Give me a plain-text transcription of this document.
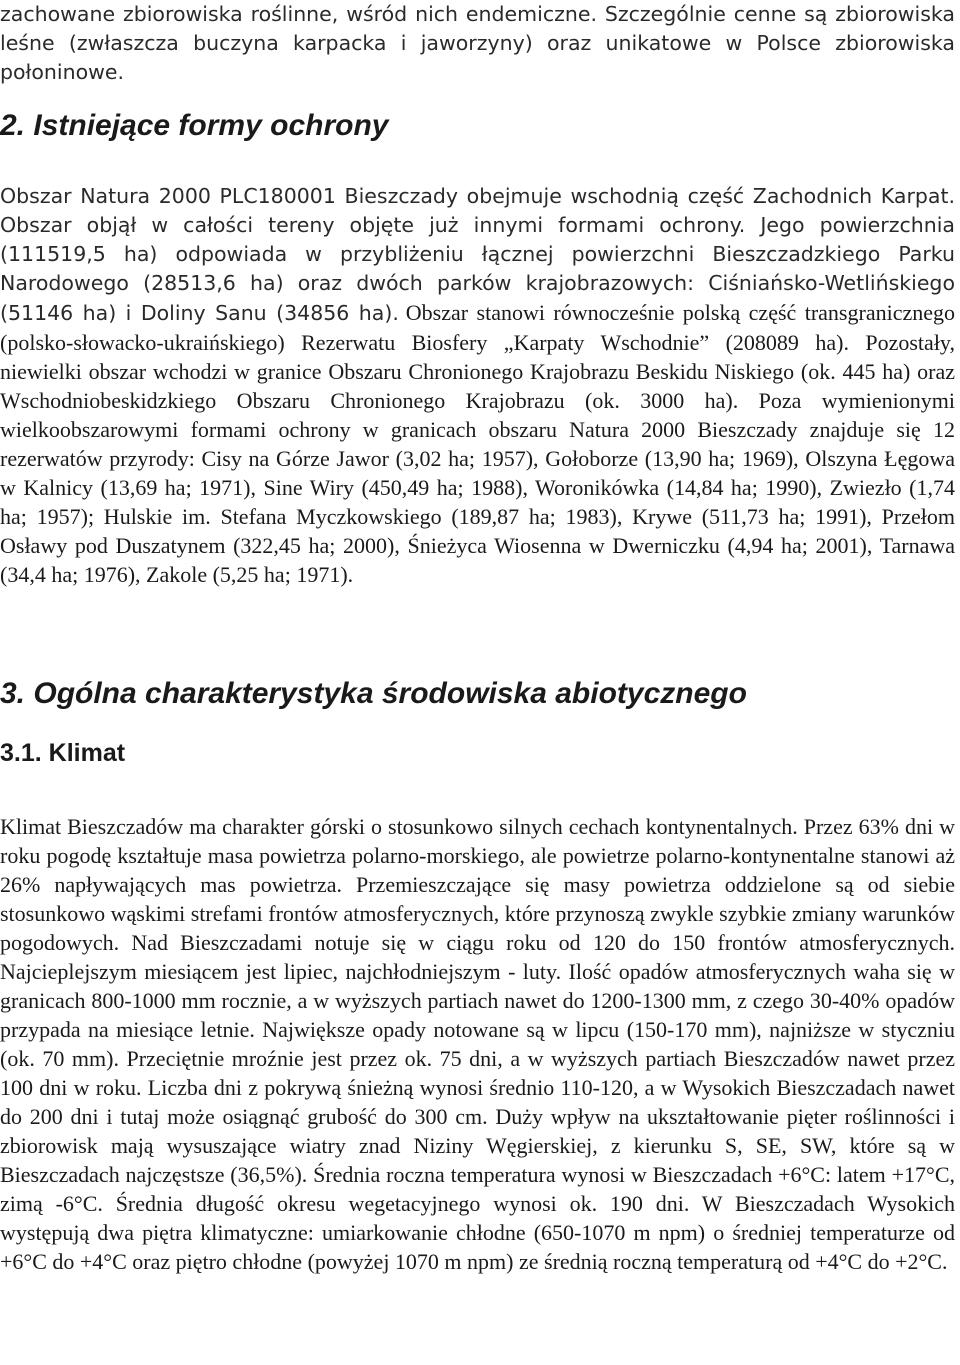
zachowane zbiorowiska roślinne, wśród nich endemiczne. Szczególnie cenne są zbiorowiska leśne (zwłaszcza buczyna karpacka i jaworzyny) oraz unikatowe w Polsce zbiorowiska połoninowe.

2. Istniejące formy ochrony
Obszar Natura 2000 PLC180001 Bieszczady obejmuje wschodnią część Zachodnich Karpat. Obszar objął w całości tereny objęte już innymi formami ochrony. Jego powierzchnia (111519,5 ha) odpowiada w przybliżeniu łącznej powierzchni Bieszczadzkiego Parku Narodowego (28513,6 ha) oraz dwóch parków krajobrazowych: Ciśniańsko-Wetlińskiego (51146 ha) i Doliny Sanu (34856 ha). Obszar stanowi równocześnie polską część transgranicznego (polsko-słowacko-ukraińskiego) Rezerwatu Biosfery „Karpaty Wschodnie” (208089 ha). Pozostały, niewielki obszar wchodzi w granice Obszaru Chronionego Krajobrazu Beskidu Niskiego (ok. 445 ha) oraz Wschodniobeskidzkiego Obszaru Chronionego Krajobrazu (ok. 3000 ha). Poza wymienionymi wielkoobszarowymi formami ochrony w granicach obszaru Natura 2000 Bieszczady znajduje się 12 rezerwatów przyrody: Cisy na Górze Jawor (3,02 ha; 1957), Gołoborze (13,90 ha; 1969), Olszyna Łęgowa w Kalnicy (13,69 ha; 1971), Sine Wiry (450,49 ha; 1988), Woronikówka (14,84 ha; 1990), Zwiezło (1,74 ha; 1957); Hulskie im. Stefana Myczkowskiego (189,87 ha; 1983), Krywe (511,73 ha; 1991), Przełom Osławy pod Duszatynem (322,45 ha; 2000), Śnieżyca Wiosenna w Dwerniczku (4,94 ha; 2001), Tarnawa (34,4 ha; 1976), Zakole (5,25 ha; 1971).
3. Ogólna charakterystyka środowiska abiotycznego
3.1. Klimat

Klimat Bieszczadów ma charakter górski o stosunkowo silnych cechach kontynentalnych. Przez 63% dni w roku pogodę kształtuje masa powietrza polarno-morskiego, ale powietrze polarno-kontynentalne stanowi aż 26% napływających mas powietrza. Przemieszczające się masy powietrza oddzielone są od siebie stosunkowo wąskimi strefami frontów atmosferycznych, które przynoszą zwykle szybkie zmiany warunków pogodowych. Nad Bieszczadami notuje się w ciągu roku od 120 do 150 frontów atmosferycznych. Najcieplejszym miesiącem jest lipiec, najchłodniejszym - luty. Ilość opadów atmosferycznych waha się w granicach 800-1000 mm rocznie, a w wyższych partiach nawet do 1200-1300 mm, z czego 30-40% opadów przypada na miesiące letnie. Największe opady notowane są w lipcu (150-170 mm), najniższe w styczniu (ok. 70 mm). Przeciętnie mroźnie jest przez ok. 75 dni, a w wyższych partiach Bieszczadów nawet przez 100 dni w roku. Liczba dni z pokrywą śnieżną wynosi średnio 110-120, a w Wysokich Bieszczadach nawet do 200 dni i tutaj może osiągnąć grubość do 300 cm. Duży wpływ na ukształtowanie pięter roślinności i zbiorowisk mają wysuszające wiatry znad Niziny Węgierskiej, z kierunku S, SE, SW, które są w Bieszczadach najczęstsze (36,5%). Średnia roczna temperatura wynosi w Bieszczadach +6°C: latem +17°C, zimą -6°C. Średnia długość okresu wegetacyjnego wynosi ok. 190 dni. W Bieszczadach Wysokich występują dwa piętra klimatyczne: umiarkowanie chłodne (650-1070 m npm) o średniej temperaturze od +6°C do +4°C oraz piętro chłodne (powyżej 1070 m npm) ze średnią roczną temperaturą od +4°C do +2°C.
